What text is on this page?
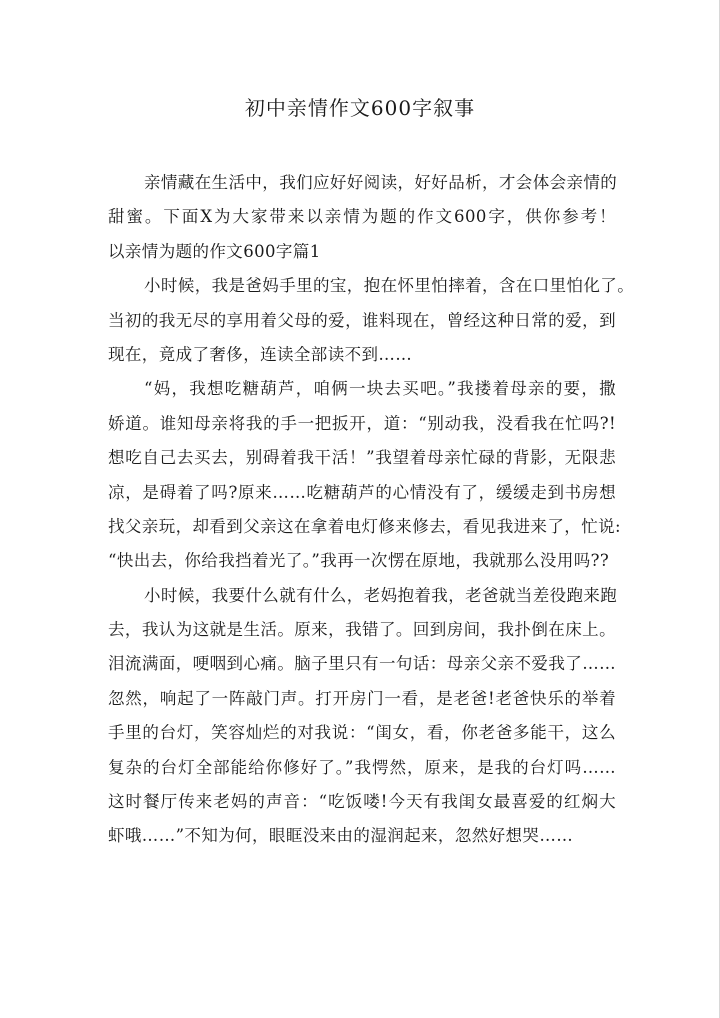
初中亲情作文600字叙事
亲情藏在生活中，我们应好好阅读，好好品析，才会体会亲情的
甜蜜。下面X为大家带来以亲情为题的作文600字，供你参考！
以亲情为题的作文600字篇1
小时候，我是爸妈手里的宝，抱在怀里怕摔着，含在口里怕化了。
当初的我无尽的享用着父母的爱，谁料现在，曾经这种日常的爱，到
现在，竟成了奢侈，连读全部读不到……
“妈，我想吃糖葫芦，咱俩一块去买吧。”我搂着母亲的要，撒
娇道。谁知母亲将我的手一把扳开，道：“别动我，没看我在忙吗?!
想吃自己去买去，别碍着我干活！”我望着母亲忙碌的背影，无限悲
凉，是碍着了吗?原来……吃糖葫芦的心情没有了，缓缓走到书房想
找父亲玩，却看到父亲这在拿着电灯修来修去，看见我进来了，忙说:
“快出去，你给我挡着光了。”我再一次愣在原地，我就那么没用吗??
小时候，我要什么就有什么，老妈抱着我，老爸就当差役跑来跑
去，我认为这就是生活。原来，我错了。回到房间，我扑倒在床上。
泪流满面，哽咽到心痛。脑子里只有一句话：母亲父亲不爱我了……
忽然，响起了一阵敲门声。打开房门一看，是老爸!老爸快乐的举着
手里的台灯，笑容灿烂的对我说：“闺女，看，你老爸多能干，这么
复杂的台灯全部能给你修好了。”我愕然，原来，是我的台灯吗……
这时餐厅传来老妈的声音：“吃饭喽!今天有我闺女最喜爱的红焖大
虾哦……”不知为何，眼眶没来由的湿润起来，忽然好想哭……
